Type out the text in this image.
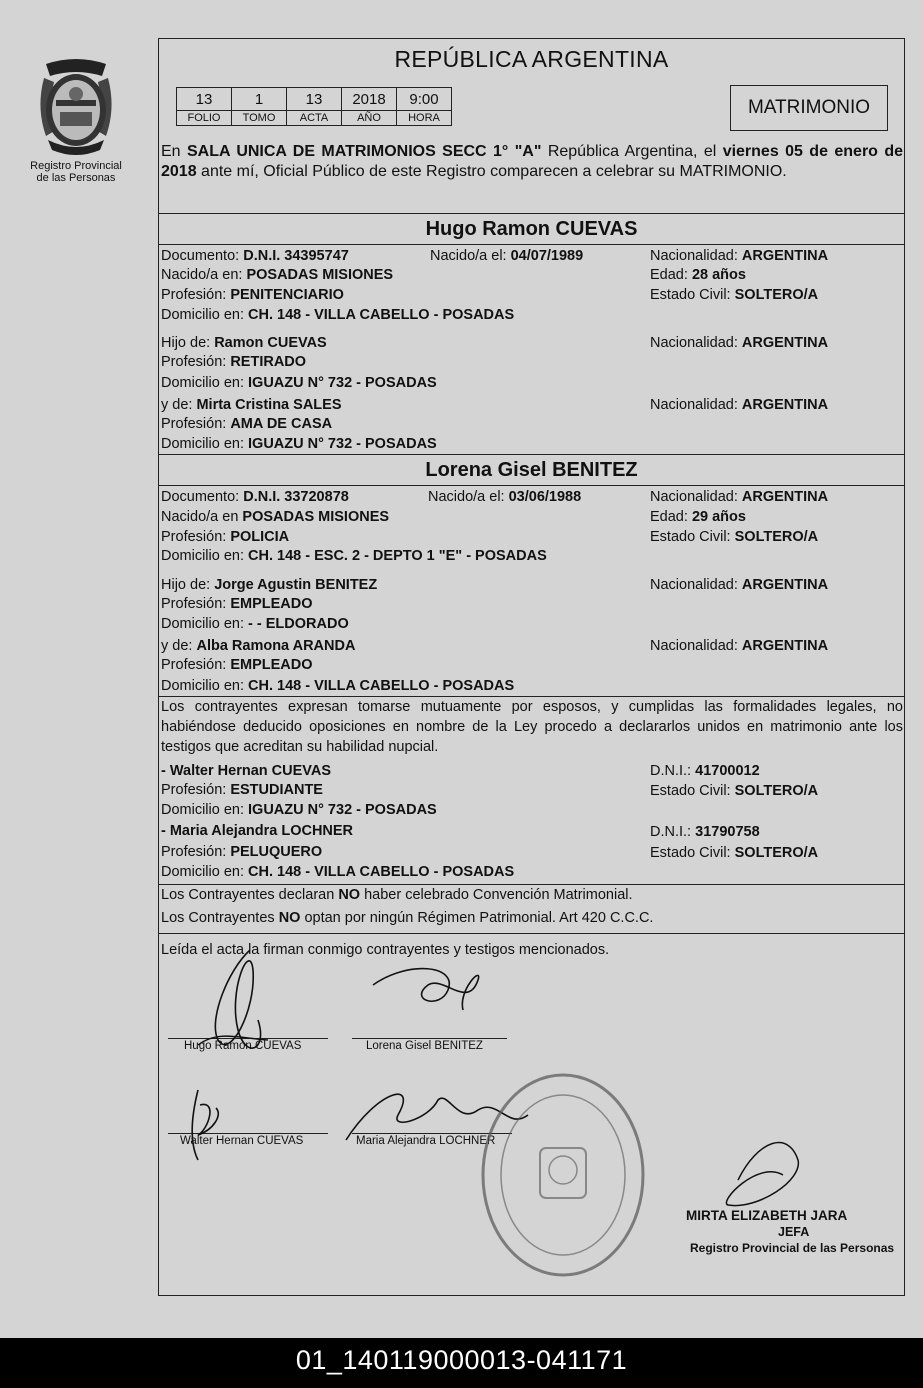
Registro Provincial
de las Personas
REPÚBLICA ARGENTINA
13	1	13	2018	9:00
FOLIO	TOMO	ACTA	AÑO	HORA	MATRIMONIO
En SALA UNICA DE MATRIMONIOS SECC 1° "A" República Argentina, el viernes 05 de enero de 2018 ante mí, Oficial Público de este Registro comparecen a celebrar su MATRIMONIO.
Hugo Ramon CUEVAS
Documento: D.N.I. 34395747	Nacido/a el: 04/07/1989	Nacionalidad: ARGENTINA
Nacido/a en: POSADAS MISIONES	Edad: 28 años
Profesión: PENITENCIARIO	Estado Civil: SOLTERO/A
Domicilio en: CH. 148 - VILLA CABELLO - POSADAS
Hijo de: Ramon CUEVAS	Nacionalidad: ARGENTINA
Profesión: RETIRADO
Domicilio en: IGUAZU N° 732 - POSADAS
y de: Mirta Cristina SALES	Nacionalidad: ARGENTINA
Profesión: AMA DE CASA
Domicilio en: IGUAZU N° 732 - POSADAS
Lorena Gisel BENITEZ
Documento: D.N.I. 33720878	Nacido/a el: 03/06/1988	Nacionalidad: ARGENTINA
Nacido/a en POSADAS MISIONES	Edad: 29 años
Profesión: POLICIA	Estado Civil: SOLTERO/A
Domicilio en: CH. 148 - ESC. 2 - DEPTO 1 "E" - POSADAS
Hijo de: Jorge Agustin BENITEZ	Nacionalidad: ARGENTINA
Profesión: EMPLEADO
Domicilio en: - - ELDORADO
y de: Alba Ramona ARANDA	Nacionalidad: ARGENTINA
Profesión: EMPLEADO
Domicilio en: CH. 148 - VILLA CABELLO - POSADAS
Los contrayentes expresan tomarse mutuamente por esposos, y cumplidas las formalidades legales, no habiéndose deducido oposiciones en nombre de la Ley procedo a declararlos unidos en matrimonio ante los testigos que acreditan su habilidad nupcial.
- Walter Hernan CUEVAS	D.N.I.: 41700012
Profesión: ESTUDIANTE	Estado Civil: SOLTERO/A
Domicilio en: IGUAZU N° 732 - POSADAS
- Maria Alejandra LOCHNER	D.N.I.: 31790758
Profesión: PELUQUERO	Estado Civil: SOLTERO/A
Domicilio en: CH. 148 - VILLA CABELLO - POSADAS
Los Contrayentes declaran NO haber celebrado Convención Matrimonial.
Los Contrayentes NO optan por ningún Régimen Patrimonial. Art 420 C.C.C.
Leída el acta la firman conmigo contrayentes y testigos mencionados.
Hugo Ramon CUEVAS	Lorena Gisel BENITEZ
Walter Hernan CUEVAS	Maria Alejandra LOCHNER
MIRTA ELIZABETH JARA
JEFA
Registro Provincial de las Personas
01_140119000013-041171
